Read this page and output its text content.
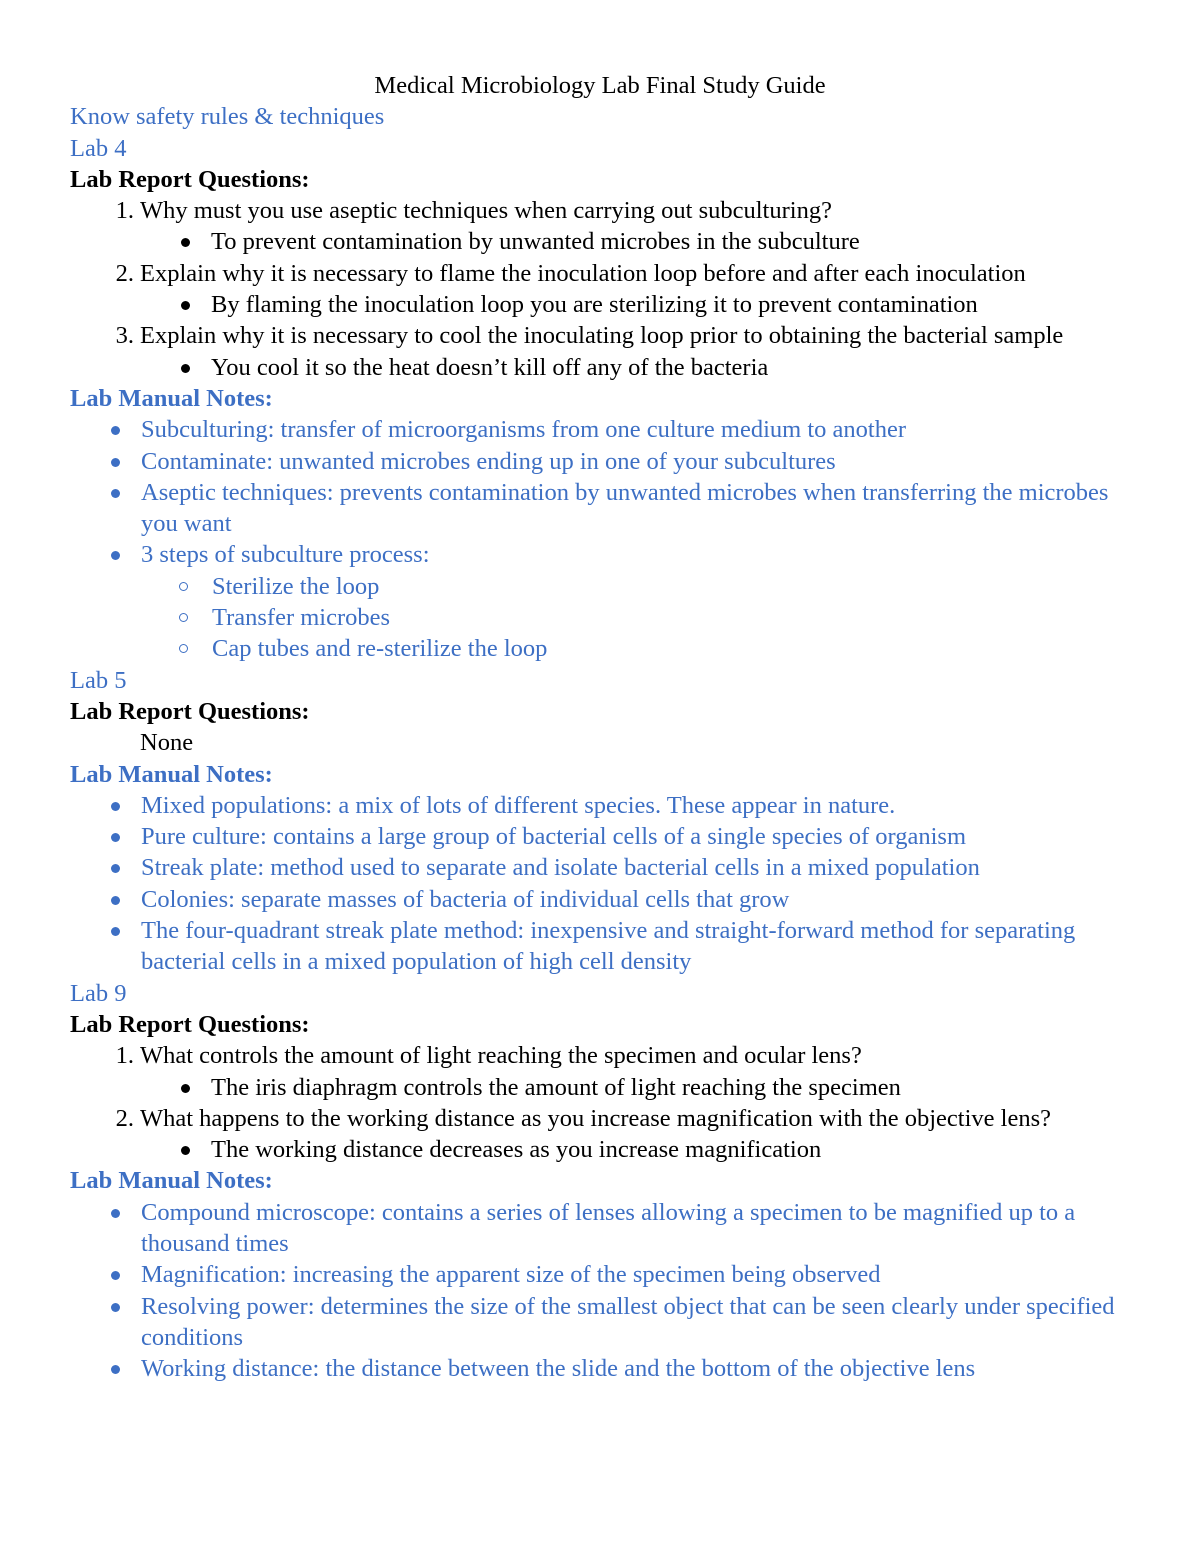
Medical Microbiology Lab Final Study Guide
Know safety rules & techniques
Lab 4
Lab Report Questions:
1. Why must you use aseptic techniques when carrying out subculturing?
To prevent contamination by unwanted microbes in the subculture
2. Explain why it is necessary to flame the inoculation loop before and after each inoculation
By flaming the inoculation loop you are sterilizing it to prevent contamination
3. Explain why it is necessary to cool the inoculating loop prior to obtaining the bacterial sample
You cool it so the heat doesn’t kill off any of the bacteria
Lab Manual Notes:
Subculturing: transfer of microorganisms from one culture medium to another
Contaminate: unwanted microbes ending up in one of your subcultures
Aseptic techniques: prevents contamination by unwanted microbes when transferring the microbes you want
3 steps of subculture process:
Sterilize the loop
Transfer microbes
Cap tubes and re-sterilize the loop
Lab 5
Lab Report Questions:
None
Lab Manual Notes:
Mixed populations: a mix of lots of different species. These appear in nature.
Pure culture: contains a large group of bacterial cells of a single species of organism
Streak plate: method used to separate and isolate bacterial cells in a mixed population
Colonies: separate masses of bacteria of individual cells that grow
The four-quadrant streak plate method: inexpensive and straight-forward method for separating bacterial cells in a mixed population of high cell density
Lab 9
Lab Report Questions:
1. What controls the amount of light reaching the specimen and ocular lens?
The iris diaphragm controls the amount of light reaching the specimen
2. What happens to the working distance as you increase magnification with the objective lens?
The working distance decreases as you increase magnification
Lab Manual Notes:
Compound microscope: contains a series of lenses allowing a specimen to be magnified up to a thousand times
Magnification: increasing the apparent size of the specimen being observed
Resolving power: determines the size of the smallest object that can be seen clearly under specified conditions
Working distance: the distance between the slide and the bottom of the objective lens
